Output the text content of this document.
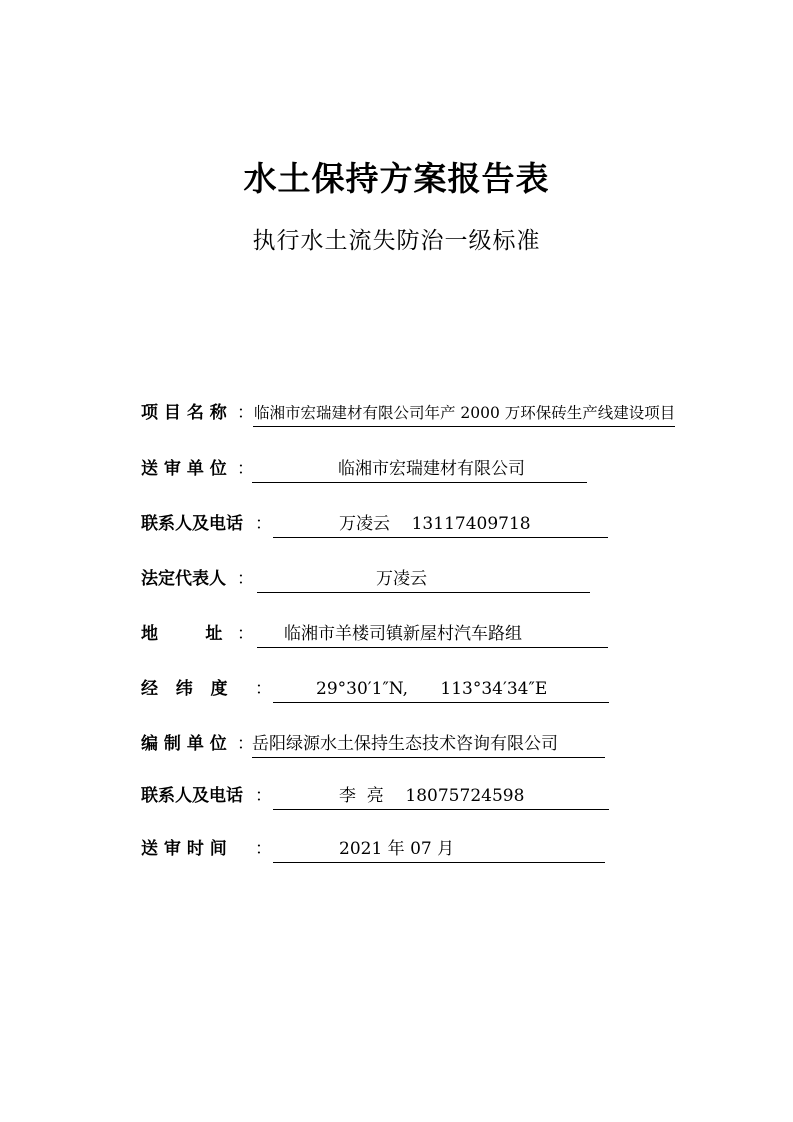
水土保持方案报告表
执行水土流失防治一级标准
项 目 名 称 ： 临湘市宏瑞建材有限公司年产 2000 万环保砖生产线建设项目
送 审 单 位 ：	临湘市宏瑞建材有限公司
联系人及电话 ：	万凌云    13117409718
法定代表人 ：	万凌云
地        址 ： 临湘市羊楼司镇新屋村汽车路组
经   纬   度 ：	29°30′1″N,      113°34′34″E
编 制 单 位 ：
岳阳绿源水土保持生态技术咨询有限公司
联系人及电话 ：	李  亮    18075724598
送 审 时 间 ：	2021 年 07 月
